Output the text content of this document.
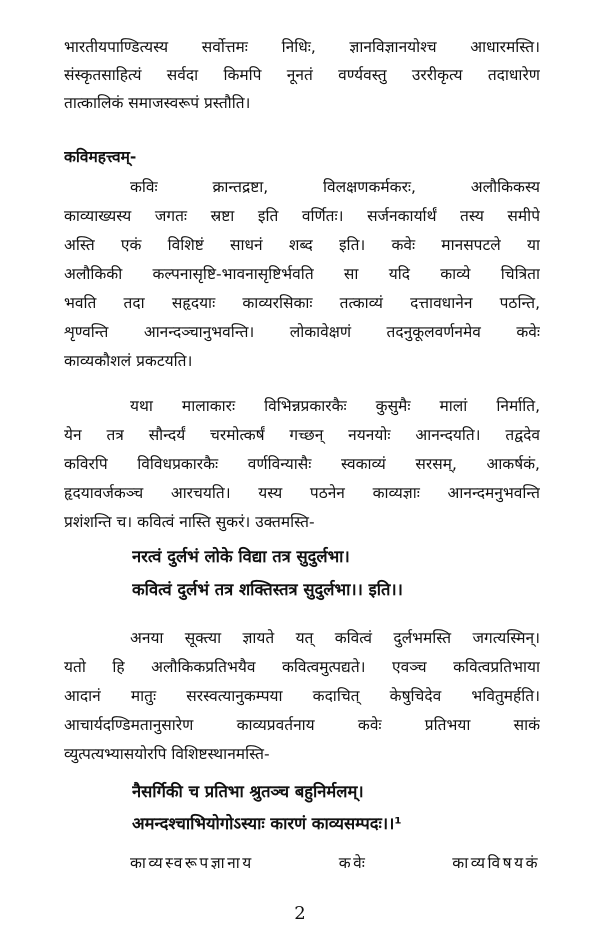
भारतीयपाण्डित्यस्य सर्वोत्तमः निधिः, ज्ञानविज्ञानयोश्च आधारमस्ति।
संस्कृतसाहित्यं सर्वदा किमपि नूनतं वर्ण्यवस्तु उररीकृत्य तदाधारेण
तात्कालिकं समाजस्वरूपं प्रस्तौति।
कविमहत्त्वम्-
कविः क्रान्तद्रष्टा, विलक्षणकर्मकरः, अलौकिकस्य
काव्याख्यस्य जगतः स्रष्टा इति वर्णितः। सर्जनकार्यार्थं तस्य समीपे
अस्ति एकं विशिष्टं साधनं शब्द इति। कवेः मानसपटले या
अलौकिकी कल्पनासृष्टि-भावनासृष्टिर्भवति सा यदि काव्ये चित्रिता
भवति तदा सहृदयाः काव्यरसिकाः तत्काव्यं दत्तावधानेन पठन्ति,
शृण्वन्ति आनन्दञ्चानुभवन्ति। लोकावेक्षणं तदनुकूलवर्णनमेव कवेः
काव्यकौशलं प्रकटयति।
यथा मालाकारः विभिन्नप्रकारकैः कुसुमैः मालां निर्माति,
येन तत्र सौन्दर्यं चरमोत्कर्षं गच्छन् नयनयोः आनन्दयति। तद्वदेव
कविरपि विविधप्रकारकैः वर्णविन्यासैः स्वकाव्यं सरसम्, आकर्षकं,
हृदयावर्जकञ्च आरचयति। यस्य पठनेन काव्यज्ञाः आनन्दमनुभवन्ति
प्रशंशन्ति च। कवित्वं नास्ति सुकरं। उक्तमस्ति-
नरत्वं दुर्लभं लोके विद्या तत्र सुदुर्लभा।
कवित्वं दुर्लभं तत्र शक्तिस्तत्र सुदुर्लभा।। इति।।
अनया सूक्त्या ज्ञायते यत् कवित्वं दुर्लभमस्ति जगत्यस्मिन्।
यतो हि अलौकिकप्रतिभयैव कवित्वमुत्पद्यते। एवञ्च कवित्वप्रतिभाया
आदानं मातुः सरस्वत्यानुकम्पया कदाचित् केषुचिदेव भवितुमर्हति।
आचार्यदण्डिमतानुसारेण काव्यप्रवर्तनाय कवेः प्रतिभया साकं
व्युत्पत्यभ्यासयोरपि विशिष्टस्थानमस्ति-
नैसर्गिकी च प्रतिभा श्रुतञ्च बहुनिर्मलम्।
अमन्दश्चाभियोगोऽस्याः कारणं काव्यसम्पदः।।¹
काव्यस्वरूपज्ञानाय कवेः काव्यविषयकं
2
